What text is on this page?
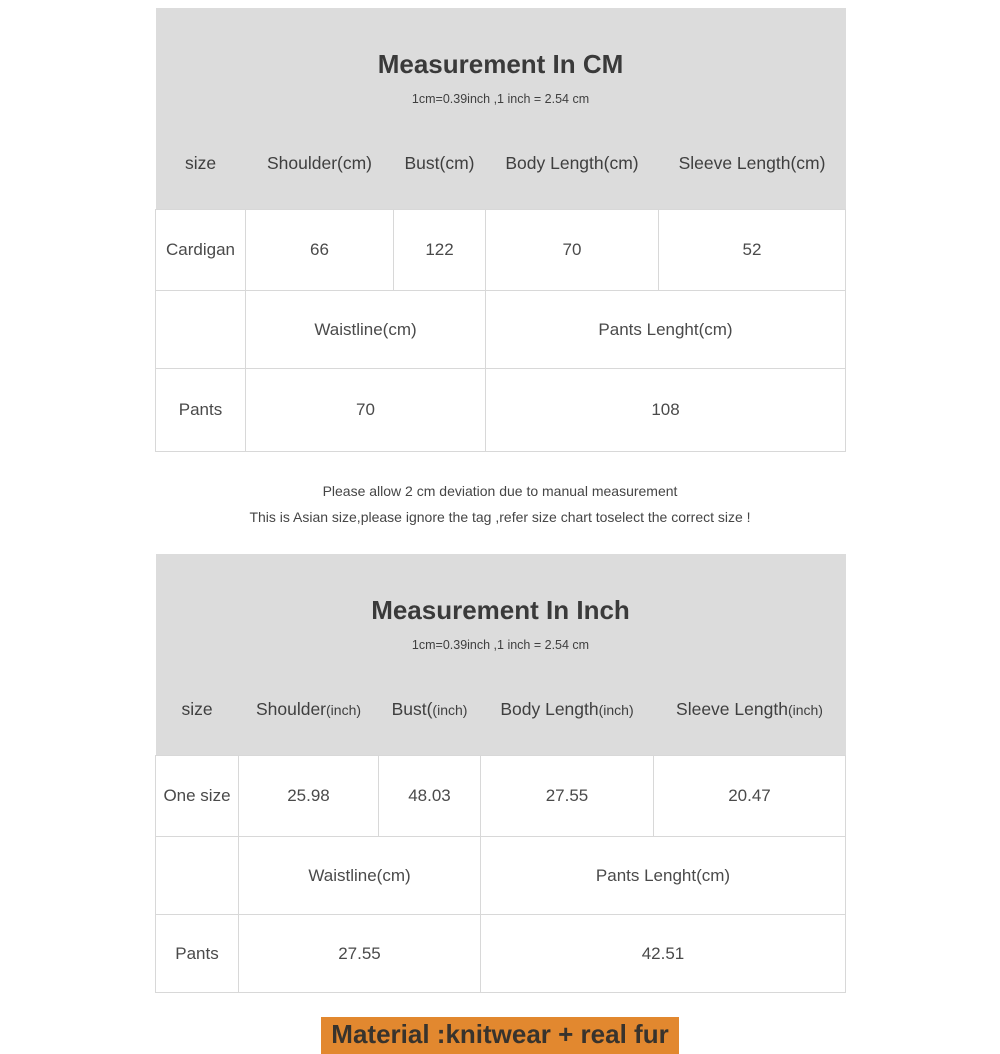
Measurement In CM				
1cm=0.39inch ,1 inch = 2.54 cm				
size	Shoulder(cm)	Bust(cm)	Body Length(cm)	Sleeve Length(cm)
Cardigan	66	122	70	52
	Waistline(cm)		Pants Lenght(cm)	
Pants	70		108	
Please allow 2 cm deviation due to manual measurement
This is Asian size,please ignore the tag ,refer size chart toselect the correct size !
Measurement In Inch				
1cm=0.39inch ,1 inch = 2.54 cm				
size	Shoulder(inch)	Bust((inch)	Body Length(inch)	Sleeve Length(inch)
One size	25.98	48.03	27.55	20.47
	Waistline(cm)		Pants Lenght(cm)	
Pants	27.55		42.51	
Material :knitwear + real fur
